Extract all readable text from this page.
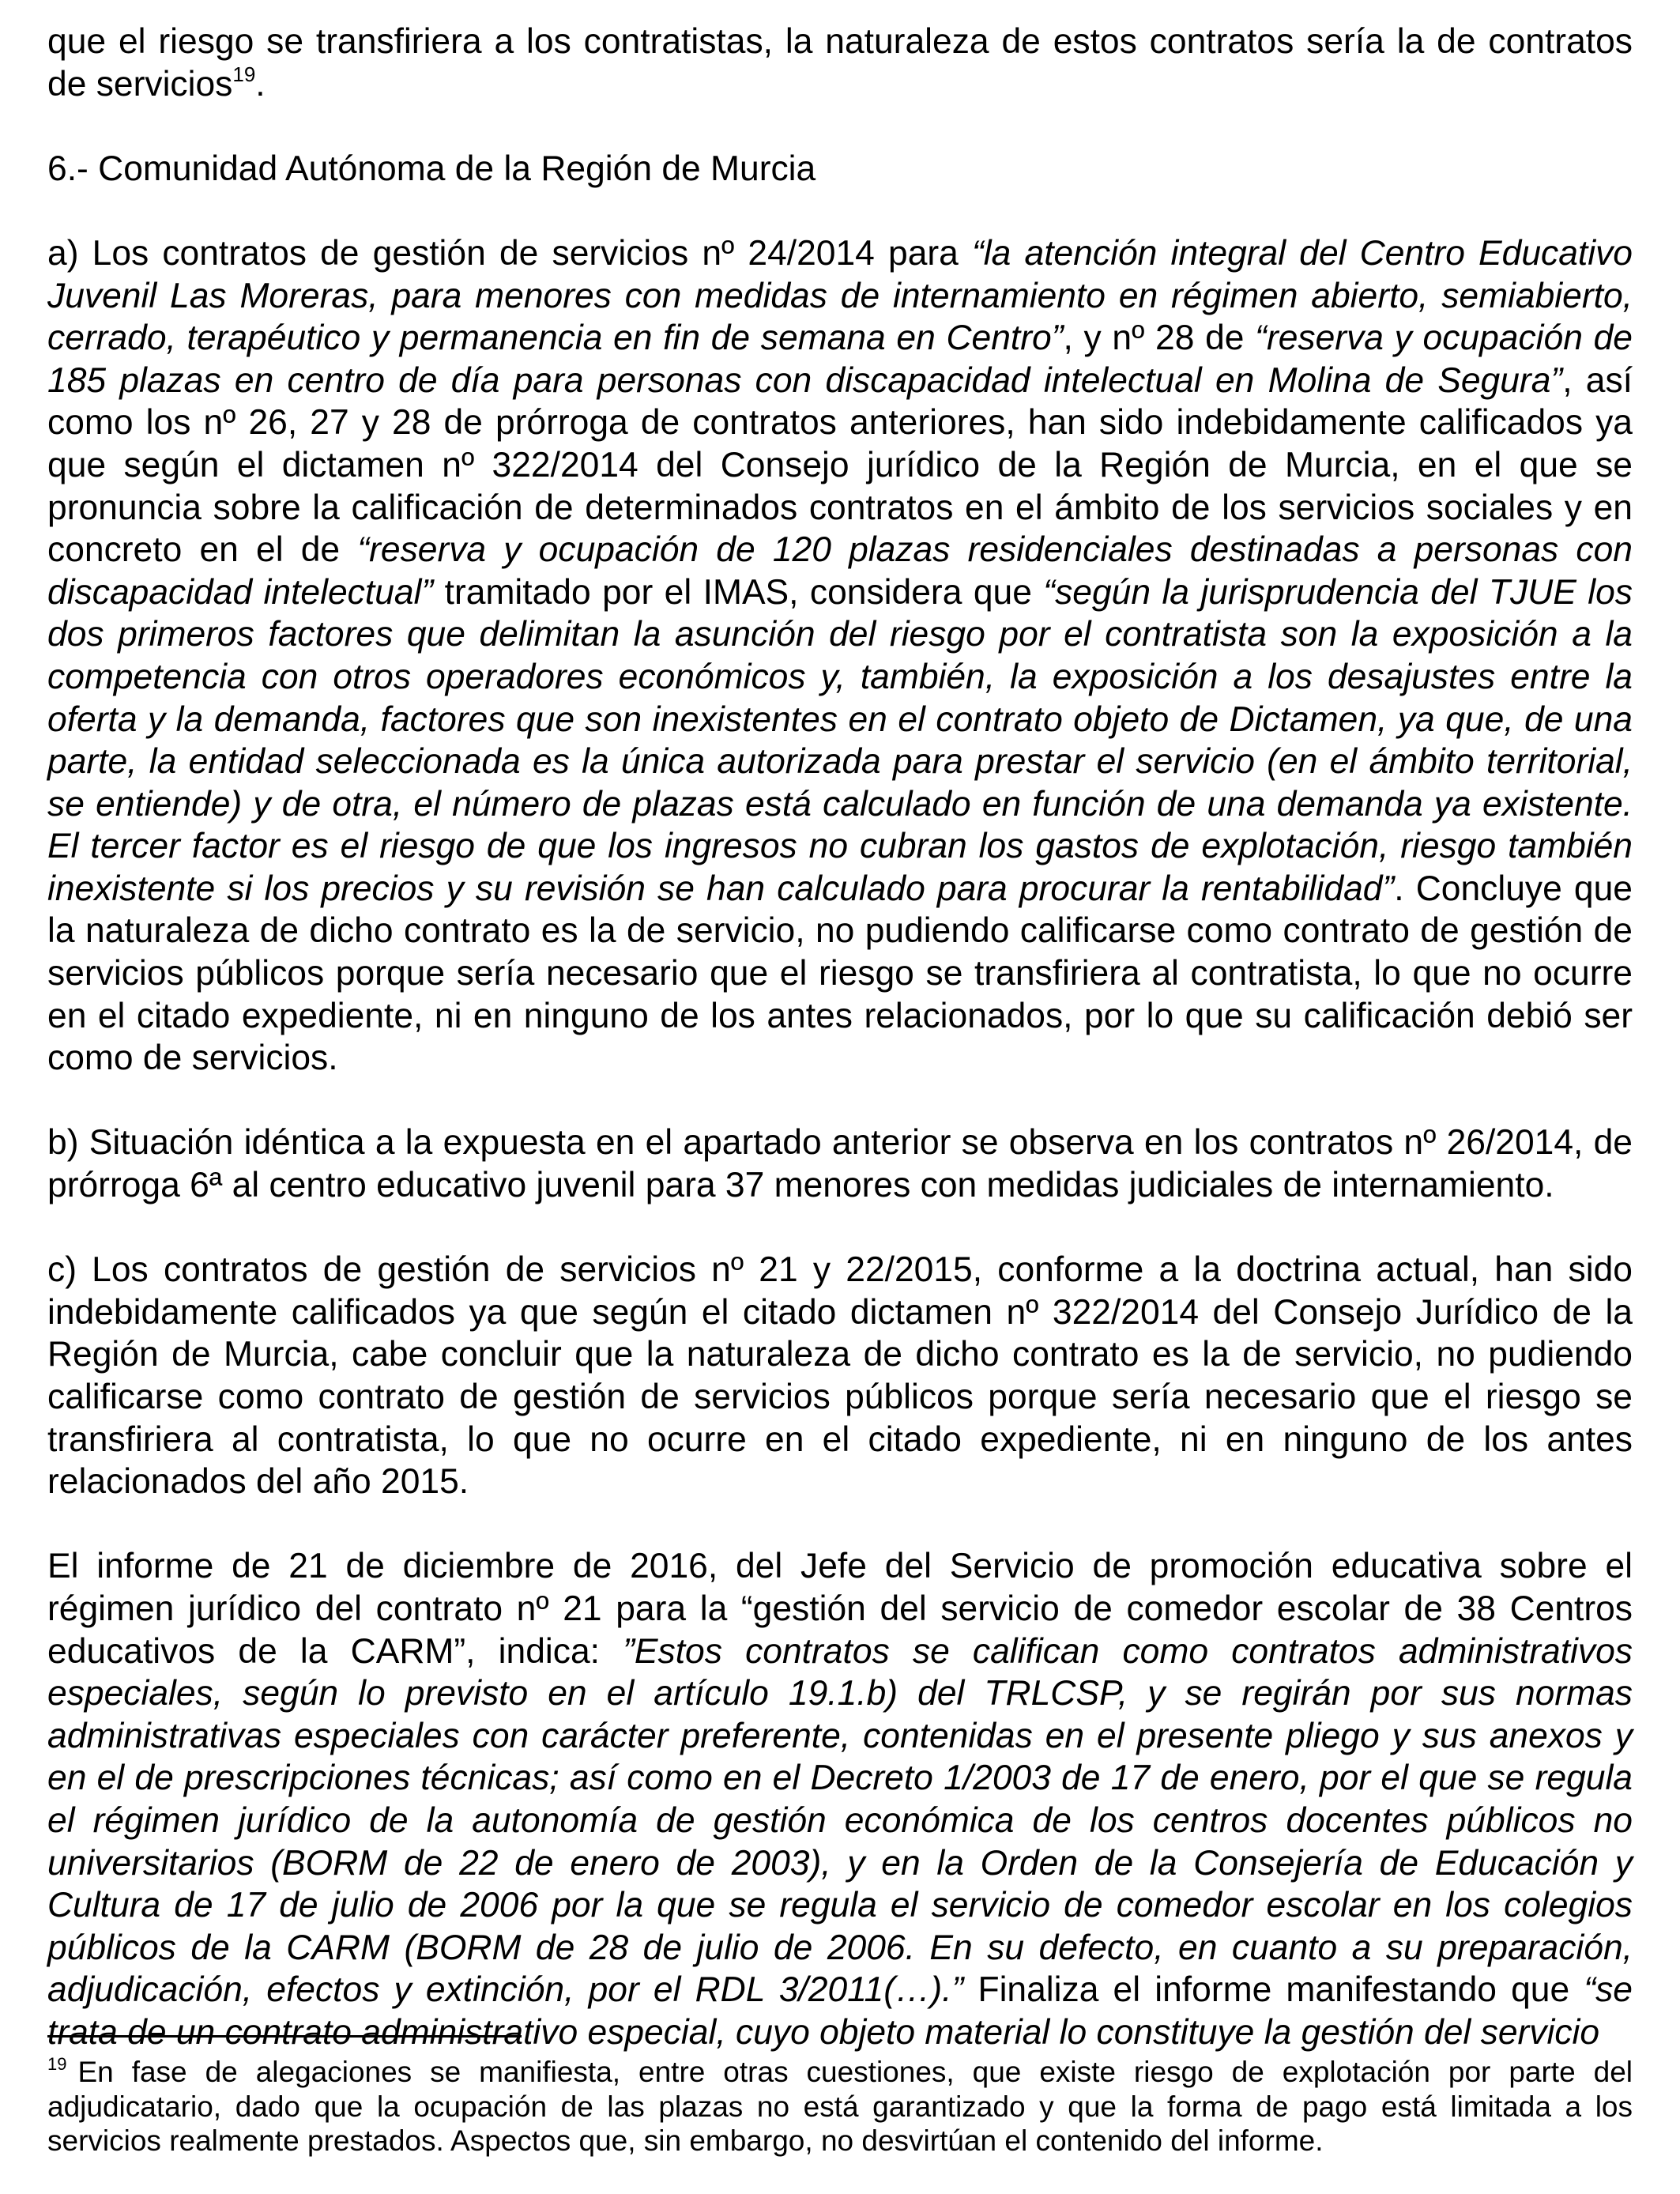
que el riesgo se transfiriera a los contratistas, la naturaleza de estos contratos sería la de contratos de servicios$^{19}$.

6.- Comunidad Autónoma de la Región de Murcia

a) Los contratos de gestión de servicios nº 24/2014 para “la atención integral del Centro Educativo Juvenil Las Moreras, para menores con medidas de internamiento en régimen abierto, semiabierto, cerrado, terapéutico y permanencia en fin de semana en Centro”, y nº 28 de “reserva y ocupación de 185 plazas en centro de día para personas con discapacidad intelectual en Molina de Segura”, así como los nº 26, 27 y 28 de prórroga de contratos anteriores, han sido indebidamente calificados ya que según el dictamen nº 322/2014 del Consejo jurídico de la Región de Murcia, en el que se pronuncia sobre la calificación de determinados contratos en el ámbito de los servicios sociales y en concreto en el de “reserva y ocupación de 120 plazas residenciales destinadas a personas con discapacidad intelectual” tramitado por el IMAS, considera que “según la jurisprudencia del TJUE los dos primeros factores que delimitan la asunción del riesgo por el contratista son la exposición a la competencia con otros operadores económicos y, también, la exposición a los desajustes entre la oferta y la demanda, factores que son inexistentes en el contrato objeto de Dictamen, ya que, de una parte, la entidad seleccionada es la única autorizada para prestar el servicio (en el ámbito territorial, se entiende) y de otra, el número de plazas está calculado en función de una demanda ya existente. El tercer factor es el riesgo de que los ingresos no cubran los gastos de explotación, riesgo también inexistente si los precios y su revisión se han calculado para procurar la rentabilidad”. Concluye que la naturaleza de dicho contrato es la de servicio, no pudiendo calificarse como contrato de gestión de servicios públicos porque sería necesario que el riesgo se transfiriera al contratista, lo que no ocurre en el citado expediente, ni en ninguno de los antes relacionados, por lo que su calificación debió ser como de servicios.

b) Situación idéntica a la expuesta en el apartado anterior se observa en los contratos nº 26/2014, de prórroga 6ª al centro educativo juvenil para 37 menores con medidas judiciales de internamiento.

c) Los contratos de gestión de servicios nº 21 y 22/2015, conforme a la doctrina actual, han sido indebidamente calificados ya que según el citado dictamen nº 322/2014 del Consejo Jurídico de la Región de Murcia, cabe concluir que la naturaleza de dicho contrato es la de servicio, no pudiendo calificarse como contrato de gestión de servicios públicos porque sería necesario que el riesgo se transfiriera al contratista, lo que no ocurre en el citado expediente, ni en ninguno de los antes relacionados del año 2015.

El informe de 21 de diciembre de 2016, del Jefe del Servicio de promoción educativa sobre el régimen jurídico del contrato nº 21 para la “gestión del servicio de comedor escolar de 38 Centros educativos de la CARM”, indica: ”Estos contratos se califican como contratos administrativos especiales, según lo previsto en el artículo 19.1.b) del TRLCSP, y se regirán por sus normas administrativas especiales con carácter preferente, contenidas en el presente pliego y sus anexos y en el de prescripciones técnicas; así como en el Decreto 1/2003 de 17 de enero, por el que se regula el régimen jurídico de la autonomía de gestión económica de los centros docentes públicos no universitarios (BORM de 22 de enero de 2003), y en la Orden de la Consejería de Educación y Cultura de 17 de julio de 2006 por la que se regula el servicio de comedor escolar en los colegios públicos de la CARM (BORM de 28 de julio de 2006. En su defecto, en cuanto a su preparación, adjudicación, efectos y extinción, por el RDL 3/2011(…).” Finaliza el informe manifestando que “se trata de un contrato administrativo especial, cuyo objeto material lo constituye la gestión del servicio

$^{19}$ En fase de alegaciones se manifiesta, entre otras cuestiones, que existe riesgo de explotación por parte del adjudicatario, dado que la ocupación de las plazas no está garantizado y que la forma de pago está limitada a los servicios realmente prestados. Aspectos que, sin embargo, no desvirtúan el contenido del informe.
